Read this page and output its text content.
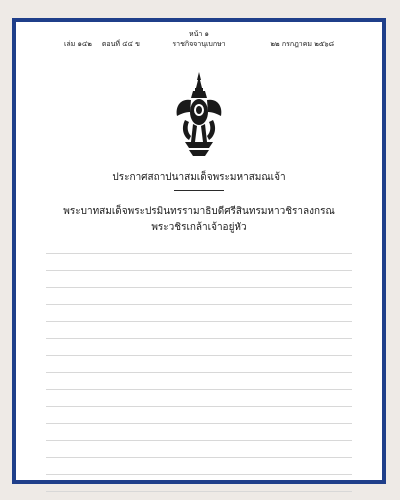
หน้า ๑
เล่ม ๑๔๒ ตอนที่ ๔๔ ข	ราชกิจจานุเบกษา	๒๒ กรกฎาคม ๒๕๖๘
ประกาศสถาปนาสมเด็จพระมหาสมณเจ้า
พระบาทสมเด็จพระปรมินทรรามาธิบดีศรีสินทรมหาวชิราลงกรณ
พระวชิรเกล้าเจ้าอยู่หัว
